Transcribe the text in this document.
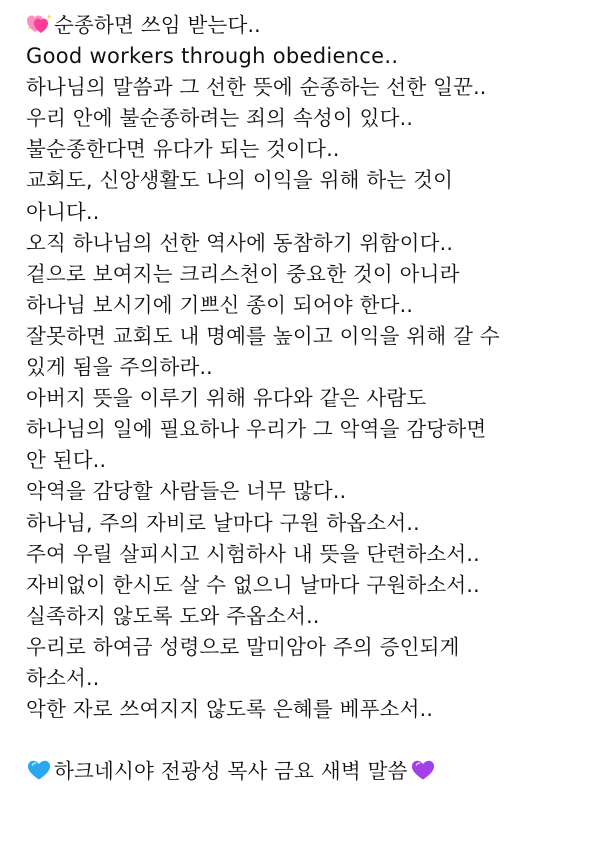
순종하면 쓰임 받는다..
Good workers through obedience..
하나님의 말씀과 그 선한 뜻에 순종하는 선한 일꾼..
우리 안에 불순종하려는 죄의 속성이 있다..
불순종한다면 유다가 되는 것이다..
교회도, 신앙생활도 나의 이익을 위해 하는 것이
아니다..
오직 하나님의 선한 역사에 동참하기 위함이다..
겉으로 보여지는 크리스천이 중요한 것이 아니라
하나님 보시기에 기쁘신 종이 되어야 한다..
잘못하면 교회도 내 명예를 높이고 이익을 위해 갈 수
있게 됨을 주의하라..
아버지 뜻을 이루기 위해 유다와 같은 사람도
하나님의 일에 필요하나 우리가 그 악역을 감당하면
안 된다..
악역을 감당할 사람들은 너무 많다..
하나님, 주의 자비로 날마다 구원 하옵소서..
주여 우릴 살피시고 시험하사 내 뜻을 단련하소서..
자비없이 한시도 살 수 없으니 날마다 구원하소서..
실족하지 않도록 도와 주옵소서..
우리로 하여금 성령으로 말미암아 주의 증인되게
하소서..
악한 자로 쓰여지지 않도록 은혜를 베푸소서..
하크네시야 전광성 목사 금요 새벽 말씀
